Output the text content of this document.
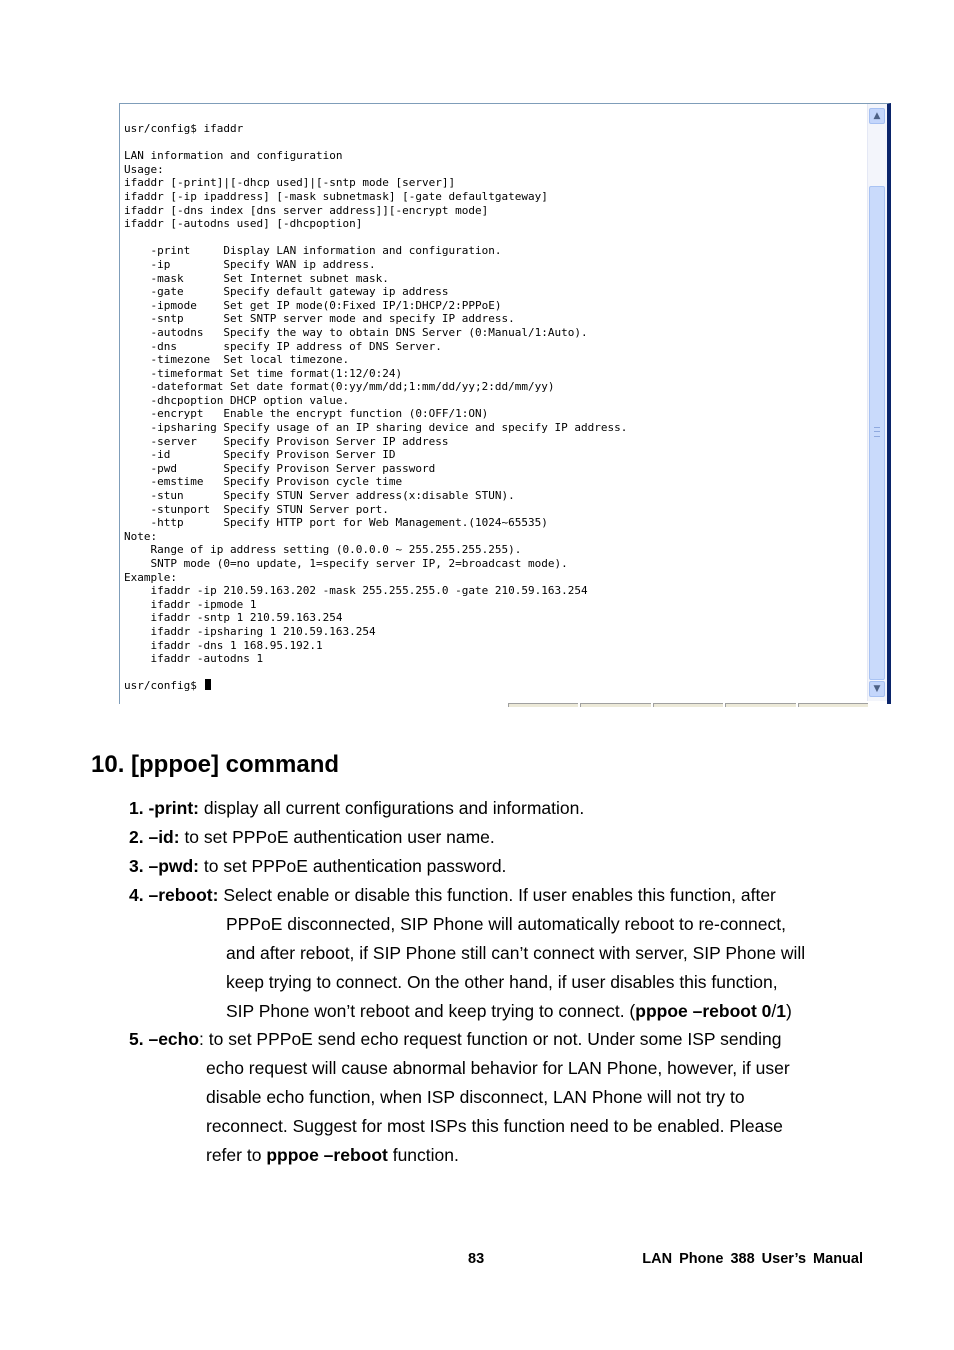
usr/config$ ifaddr
LAN information and configuration
Usage:
ifaddr [-print]|[-dhcp used]|[-sntp mode [server]]
ifaddr [-ip ipaddress] [-mask subnetmask] [-gate defaultgateway]
ifaddr [-dns index [dns server address]][-encrypt mode]
ifaddr [-autodns used] [-dhcpoption]
-print     Display LAN information and configuration.
-ip        Specify WAN ip address.
-mask      Set Internet subnet mask.
-gate      Specify default gateway ip address
-ipmode    Set get IP mode(0:Fixed IP/1:DHCP/2:PPPoE)
-sntp      Set SNTP server mode and specify IP address.
-autodns   Specify the way to obtain DNS Server (0:Manual/1:Auto).
-dns       specify IP address of DNS Server.
-timezone  Set local timezone.
-timeformat Set time format(1:12/0:24)
-dateformat Set date format(0:yy/mm/dd;1:mm/dd/yy;2:dd/mm/yy)
-dhcpoption DHCP option value.
-encrypt   Enable the encrypt function (0:OFF/1:ON)
-ipsharing Specify usage of an IP sharing device and specify IP address.
-server    Specify Provison Server IP address
-id        Specify Provison Server ID
-pwd       Specify Provison Server password
-emstime   Specify Provison cycle time
-stun      Specify STUN Server address(x:disable STUN).
-stunport  Specify STUN Server port.
-http      Specify HTTP port for Web Management.(1024~65535)
Note:
Range of ip address setting (0.0.0.0 ~ 255.255.255.255).
SNTP mode (0=no update, 1=specify server IP, 2=broadcast mode).
Example:
ifaddr -ip 210.59.163.202 -mask 255.255.255.0 -gate 210.59.163.254
ifaddr -ipmode 1
ifaddr -sntp 1 210.59.163.254
ifaddr -ipsharing 1 210.59.163.254
ifaddr -dns 1 168.95.192.1
ifaddr -autodns 1
usr/config$
▲
▼
10. [pppoe] command
1. -print: display all current configurations and information.
2. –id: to set PPPoE authentication user name.
3. –pwd: to set PPPoE authentication password.
4. –reboot: Select enable or disable this function. If user enables this function, after
PPPoE disconnected, SIP Phone will automatically reboot to re-connect,
and after reboot, if SIP Phone still can’t connect with server, SIP Phone will
keep trying to connect. On the other hand, if user disables this function,
SIP Phone won’t reboot and keep trying to connect. (pppoe –reboot 0/1)
5. –echo: to set PPPoE send echo request function or not. Under some ISP sending
echo request will cause abnormal behavior for LAN Phone, however, if user
disable echo function, when ISP disconnect, LAN Phone will not try to
reconnect. Suggest for most ISPs this function need to be enabled. Please
refer to pppoe –reboot function.
83	LAN Phone 388 User’s Manual
